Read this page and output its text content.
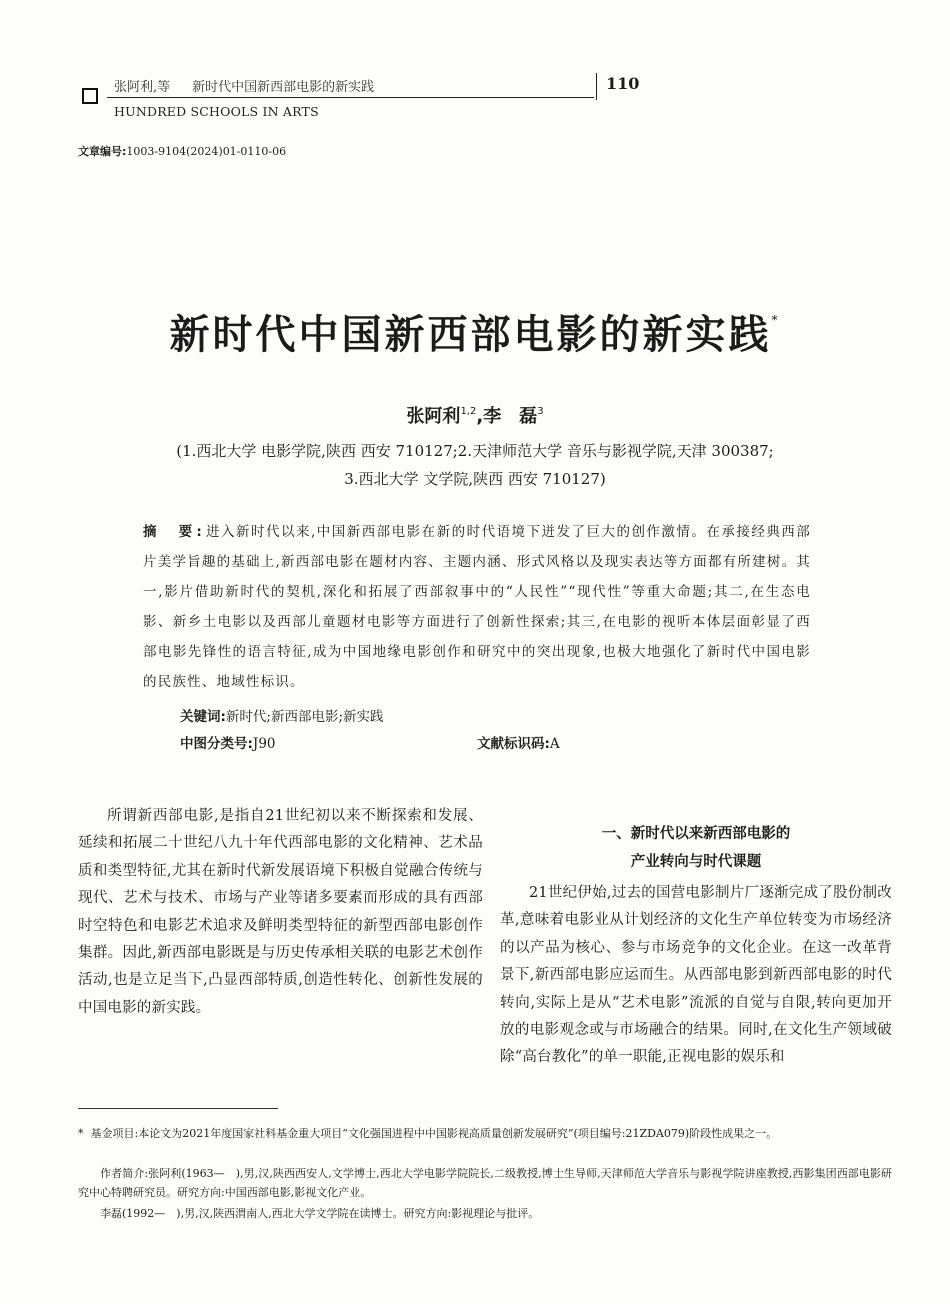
张阿利,等 新时代中国新西部电影的新实践
HUNDRED SCHOOLS IN ARTS
110
文章编号:1003-9104(2024)01-0110-06
新时代中国新西部电影的新实践*
张阿利$^{1,2}$,李　磊$^3$
(1.西北大学 电影学院,陕西 西安 710127;2.天津师范大学 音乐与影视学院,天津 300387;
3.西北大学 文学院,陕西 西安 710127)
摘　要:进入新时代以来,中国新西部电影在新的时代语境下迸发了巨大的创作激情。在承接经典西部片美学旨趣的基础上,新西部电影在题材内容、主题内涵、形式风格以及现实表达等方面都有所建树。其一,影片借助新时代的契机,深化和拓展了西部叙事中的“人民性”“现代性”等重大命题;其二,在生态电影、新乡土电影以及西部儿童题材电影等方面进行了创新性探索;其三,在电影的视听本体层面彰显了西部电影先锋性的语言特征,成为中国地缘电影创作和研究中的突出现象,也极大地强化了新时代中国电影的民族性、地域性标识。
关键词:新时代;新西部电影;新实践
中图分类号:J90	文献标识码:A
所谓新西部电影,是指自21世纪初以来不断探索和发展、延续和拓展二十世纪八九十年代西部电影的文化精神、艺术品质和类型特征,尤其在新时代新发展语境下积极自觉融合传统与现代、艺术与技术、市场与产业等诸多要素而形成的具有西部时空特色和电影艺术追求及鲜明类型特征的新型西部电影创作集群。因此,新西部电影既是与历史传承相关联的电影艺术创作活动,也是立足当下,凸显西部特质,创造性转化、创新性发展的中国电影的新实践。
一、新时代以来新西部电影的
产业转向与时代课题
21世纪伊始,过去的国营电影制片厂逐渐完成了股份制改革,意味着电影业从计划经济的文化生产单位转变为市场经济的以产品为核心、参与市场竞争的文化企业。在这一改革背景下,新西部电影应运而生。从西部电影到新西部电影的时代转向,实际上是从“艺术电影”流派的自觉与自限,转向更加开放的电影观念或与市场融合的结果。同时,在文化生产领域破除“高台教化”的单一职能,正视电影的娱乐和
* 基金项目:本论文为2021年度国家社科基金重大项目“文化强国进程中中国影视高质量创新发展研究”(项目编号:21ZDA079)阶段性成果之一。
作者简介:张阿利(1963—　),男,汉,陕西西安人,文学博士,西北大学电影学院院长,二级教授,博士生导师,天津师范大学音乐与影视学院讲座教授,西影集团西部电影研究中心特聘研究员。研究方向:中国西部电影,影视文化产业。
李磊(1992—　),男,汉,陕西渭南人,西北大学文学院在读博士。研究方向:影视理论与批评。
